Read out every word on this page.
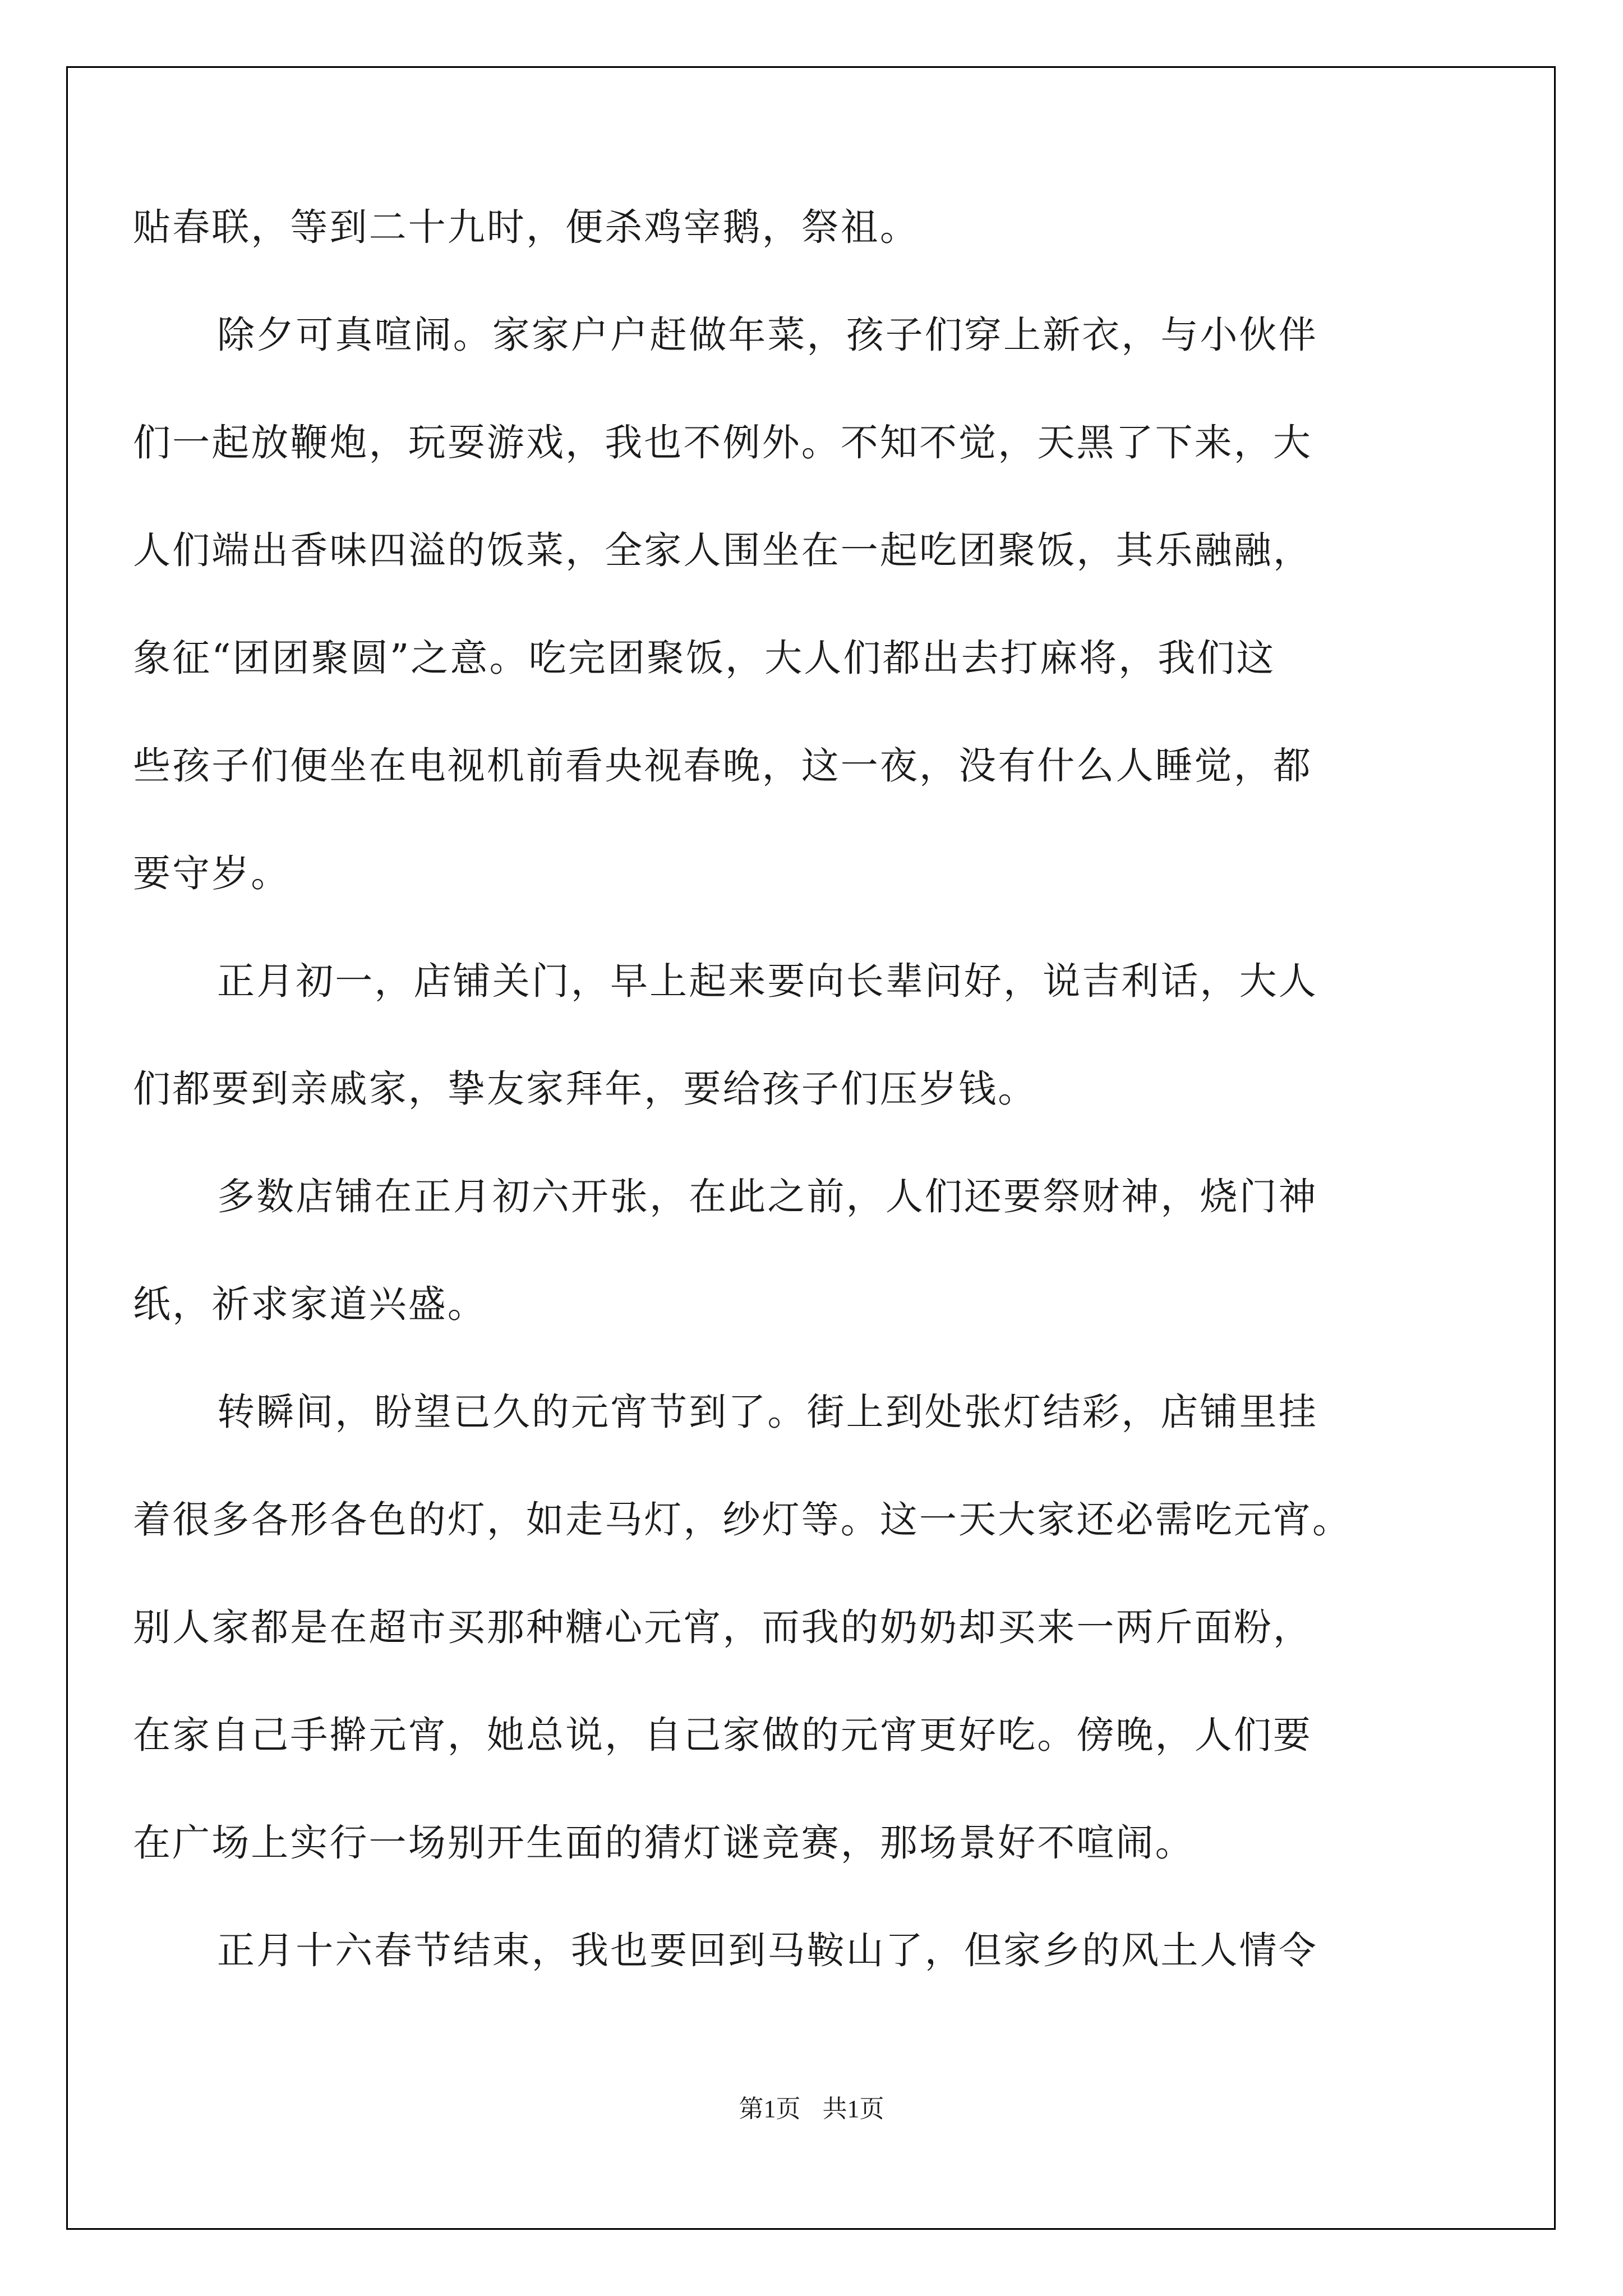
贴春联，等到二十九时，便杀鸡宰鹅，祭祖。

除夕可真喧闹。家家户户赶做年菜，孩子们穿上新衣，与小伙伴

们一起放鞭炮，玩耍游戏，我也不例外。不知不觉，天黑了下来，大

人们端出香味四溢的饭菜，全家人围坐在一起吃团聚饭，其乐融融，

象征“团团聚圆”之意。吃完团聚饭，大人们都出去打麻将，我们这

些孩子们便坐在电视机前看央视春晚，这一夜，没有什么人睡觉，都

要守岁。

正月初一，店铺关门，早上起来要向长辈问好，说吉利话，大人

们都要到亲戚家，挚友家拜年，要给孩子们压岁钱。

多数店铺在正月初六开张，在此之前，人们还要祭财神，烧门神

纸，祈求家道兴盛。

转瞬间，盼望已久的元宵节到了。街上到处张灯结彩，店铺里挂

着很多各形各色的灯，如走马灯，纱灯等。这一天大家还必需吃元宵。

别人家都是在超市买那种糖心元宵，而我的奶奶却买来一两斤面粉，

在家自己手擀元宵，她总说，自己家做的元宵更好吃。傍晚，人们要

在广场上实行一场别开生面的猜灯谜竞赛，那场景好不喧闹。

正月十六春节结束，我也要回到马鞍山了，但家乡的风土人情令

第1页 共1页
